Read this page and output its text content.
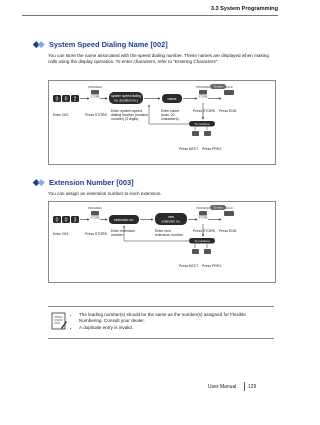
3.3 System Programming
System Speed Dialing Name [002]
You can store the name associated with the speed dialing number. These names are displayed when making calls using the display operation. To enter characters, refer to "Entering Characters".
0 0 2
PROGRAM
STORE	system speed dialing
no. (location no.)	name
PROGRAM
STORE
To next HOLD
To continue
Enter 002.	Press STORE.
Enter system speed
dialing number (location
number) (3 digits).
Enter name
(max. 20
characters).
Press STORE. Press END.
Press NEXT. Press PREV.
Extension Number [003]
You can assign an extension number to each extension.
0 0 3
PROGRAM
STORE	extension no.
new
extension no.
PROGRAM
STORE
To next HOLD
To continue
Enter 003.	Press STORE.
Enter extension
number.
Enter new
extension number.
Press STORE. Press END.
Press NEXT. Press PREV.
• The leading number(s) should be the same as the number(s) assigned for Flexible Numbering. Consult your dealer.
• A duplicate entry is invalid.
User Manual 129
